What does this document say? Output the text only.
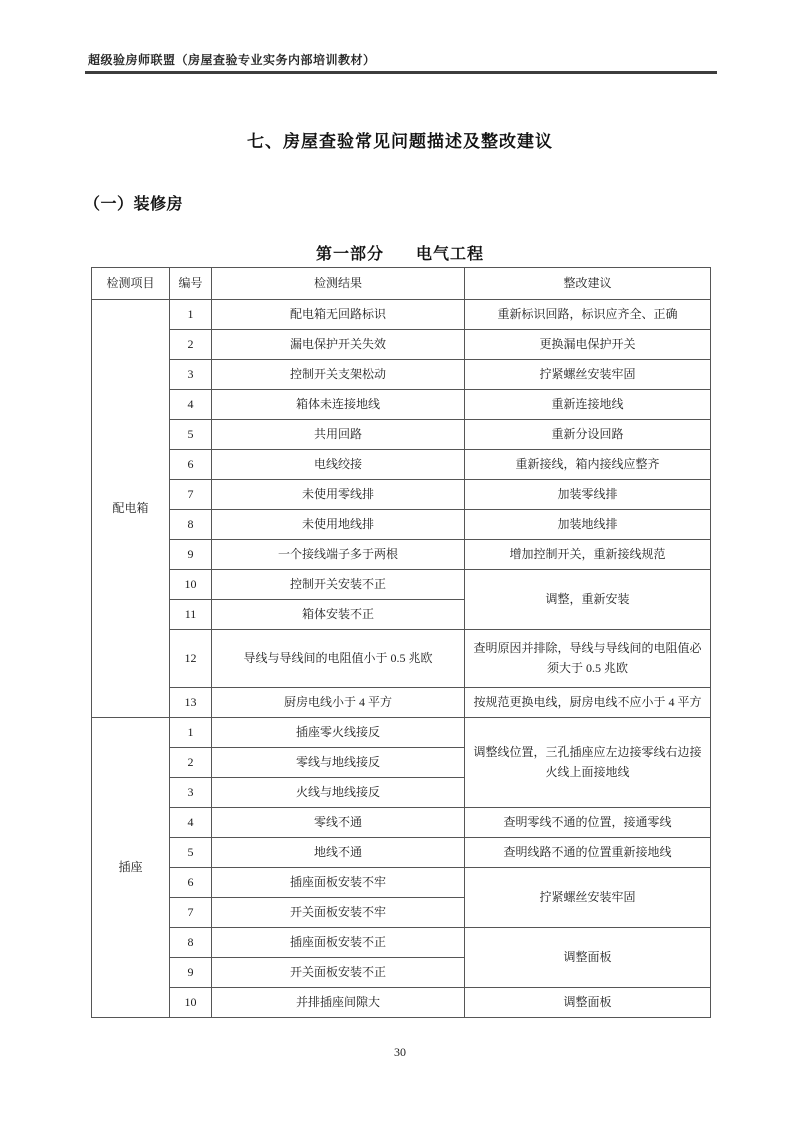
超级验房师联盟（房屋查验专业实务内部培训教材）
七、房屋查验常见问题描述及整改建议
（一）装修房
第一部分 电气工程
检测项目	编号	检测结果	整改建议
配电箱	1	配电箱无回路标识	重新标识回路，标识应齐全、正确
	2	漏电保护开关失效	更换漏电保护开关
	3	控制开关支架松动	拧紧螺丝安装牢固
	4	箱体未连接地线	重新连接地线
	5	共用回路	重新分设回路
	6	电线绞接	重新接线，箱内接线应整齐
	7	未使用零线排	加装零线排
	8	未使用地线排	加装地线排
	9	一个接线端子多于两根	增加控制开关，重新接线规范
	10	控制开关安装不正	调整，重新安装
	11	箱体安装不正	
	12	导线与导线间的电阻值小于 0.5 兆欧	查明原因并排除，导线与导线间的电阻值必须大于 0.5 兆欧
	13	厨房电线小于 4 平方	按规范更换电线，厨房电线不应小于 4 平方
插座	1	插座零火线接反	调整线位置，三孔插座应左边接零线右边接火线上面接地线
	2	零线与地线接反	
	3	火线与地线接反	
	4	零线不通	查明零线不通的位置，接通零线
	5	地线不通	查明线路不通的位置重新接地线
	6	插座面板安装不牢	拧紧螺丝安装牢固
	7	开关面板安装不牢	
	8	插座面板安装不正	调整面板
	9	开关面板安装不正	
	10	并排插座间隙大	调整面板
30
